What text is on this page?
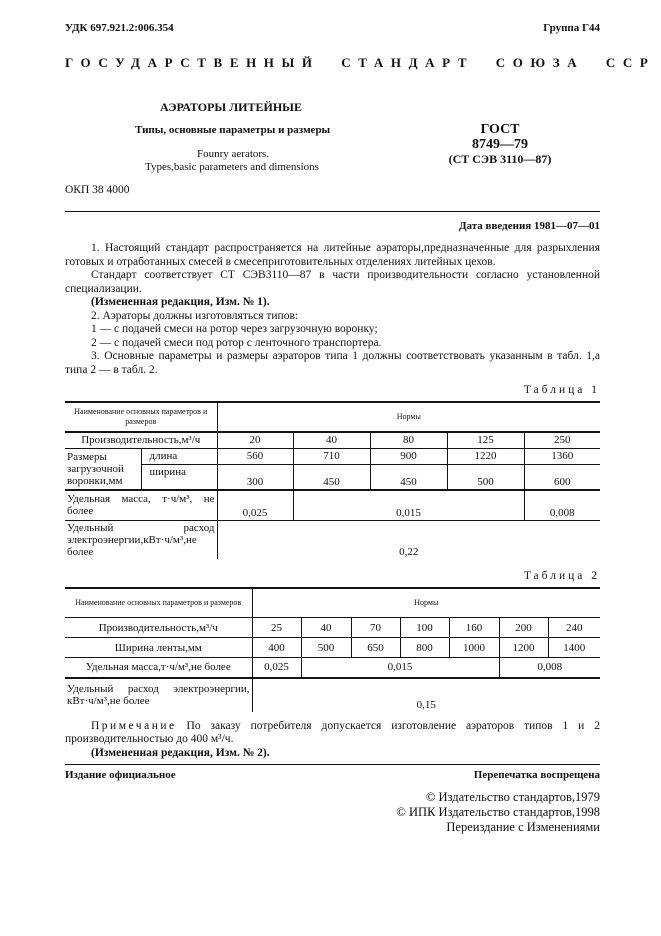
УДК 697.921.2:006.354	Группа Г44
ГОСУДАРСТВЕННЫЙ  СТАНДАРТ  СОЮЗА  ССР
АЭРАТОРЫ ЛИТЕЙНЫЕ
Типы, основные параметры и размеры
Founry aerators.
Types,basic parameters and dimensions
ГОСТ
8749—79
(СТ СЭВ 3110—87)
ОКП 38 4000
Дата введения 1981—07—01
1. Настоящий стандарт распространяется на литейные аэраторы,предназначенные для разрыхления готовых и отработанных смесей в смесеприготовительных отделениях литейных цехов.
Стандарт соответствует СТ СЭВ3110—87 в части производительности согласно установленной специализации.
(Измененная редакция, Изм. № 1).
2. Аэраторы должны изготовляться типов:
1 — с подачей смеси на ротор через загрузочную воронку;
2 — с подачей смеси под ротор с ленточного транспортера.
3. Основные параметры и размеры аэраторов типа 1 должны соответствовать указанным в табл. 1,а типа 2 — в табл. 2.
Таблица 1
Наименование основных параметров и размеров		Нормы				
Производительность,м³/ч		20	40	80	125	250
Размеры загрузочной воронки,мм	длина	560	710	900	1220	1360
	ширина	300	450	450	500	600
Удельная масса, т·ч/м³, не более		0,025	0,015			0,008
Удельный расход электроэнергии,кВт·ч/м³,не более		0,22				
Таблица 2
Наименование основных параметров и размеров	Нормы						
Производительность,м³/ч	25	40	70	100	160	200	240
Ширина ленты,мм	400	500	650	800	1000	1200	1400
Удельная масса,т·ч/м³,не более	0,025	0,015				0,008	
Удельный расход электроэнергии, кВт·ч/м³,не более	0,15						
Примечание По заказу потребителя допускается изготовление аэраторов типов 1 и 2 производительностью до 400 м³/ч.
(Измененная редакция, Изм. № 2).
Издание официальное	Перепечатка воспрещена
© Издательство стандартов,1979
© ИПК Издательство стандартов,1998
Переиздание с Изменениями
